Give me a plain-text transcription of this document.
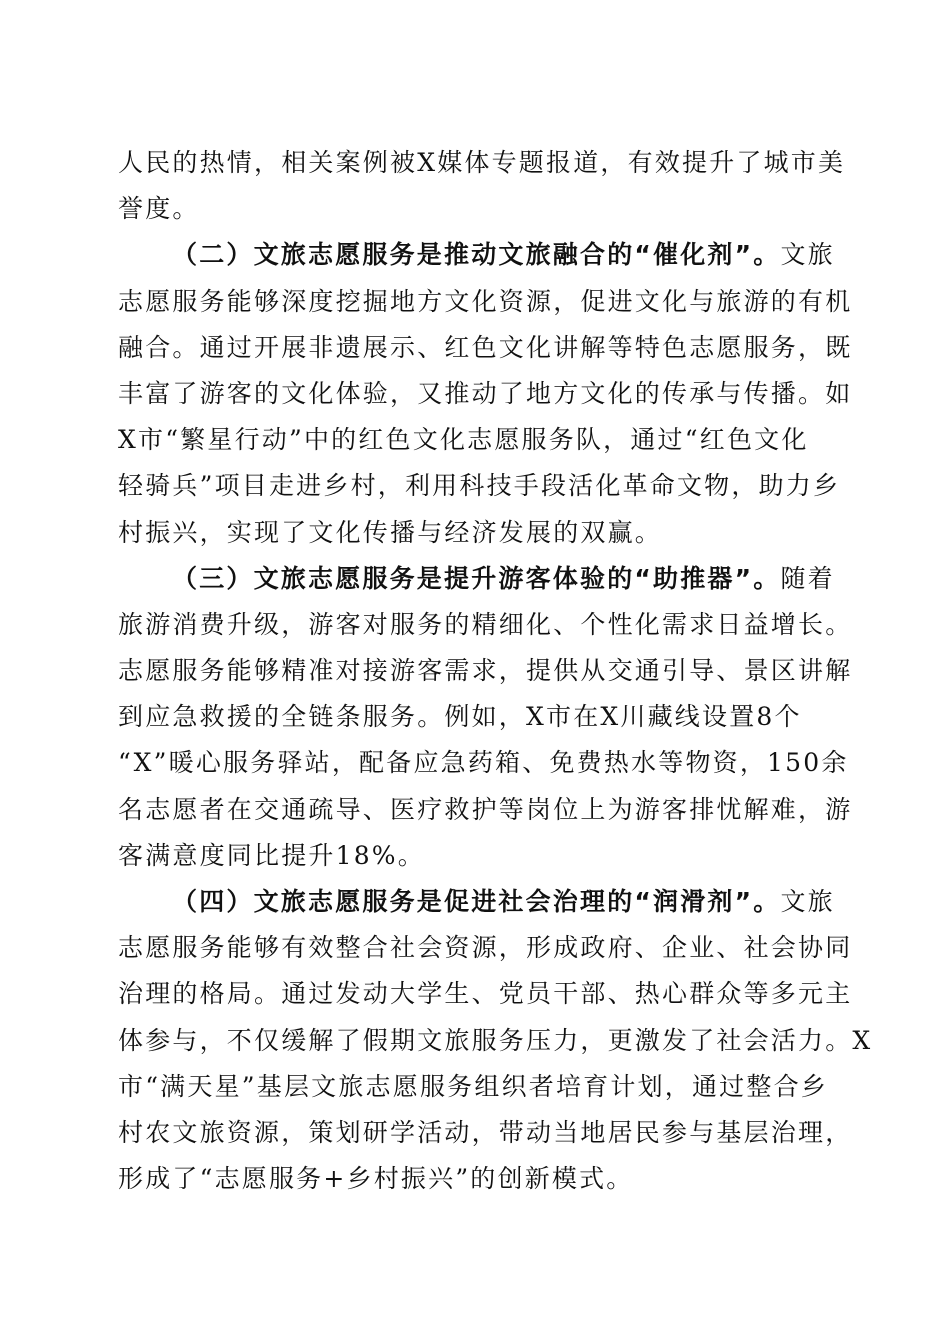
人民的热情，相关案例被X媒体专题报道，有效提升了城市美
誉度。
（二）文旅志愿服务是推动文旅融合的“催化剂”。文旅
志愿服务能够深度挖掘地方文化资源，促进文化与旅游的有机
融合。通过开展非遗展示、红色文化讲解等特色志愿服务，既
丰富了游客的文化体验，又推动了地方文化的传承与传播。如
X市“繁星行动”中的红色文化志愿服务队，通过“红色文化
轻骑兵”项目走进乡村，利用科技手段活化革命文物，助力乡
村振兴，实现了文化传播与经济发展的双赢。
（三）文旅志愿服务是提升游客体验的“助推器”。随着
旅游消费升级，游客对服务的精细化、个性化需求日益增长。
志愿服务能够精准对接游客需求，提供从交通引导、景区讲解
到应急救援的全链条服务。例如，X市在X川藏线设置8个
“X”暖心服务驿站，配备应急药箱、免费热水等物资，150余
名志愿者在交通疏导、医疗救护等岗位上为游客排忧解难，游
客满意度同比提升18%。
（四）文旅志愿服务是促进社会治理的“润滑剂”。文旅
志愿服务能够有效整合社会资源，形成政府、企业、社会协同
治理的格局。通过发动大学生、党员干部、热心群众等多元主
体参与，不仅缓解了假期文旅服务压力，更激发了社会活力。X
市“满天星”基层文旅志愿服务组织者培育计划，通过整合乡
村农文旅资源，策划研学活动，带动当地居民参与基层治理，
形成了“志愿服务+乡村振兴”的创新模式。
